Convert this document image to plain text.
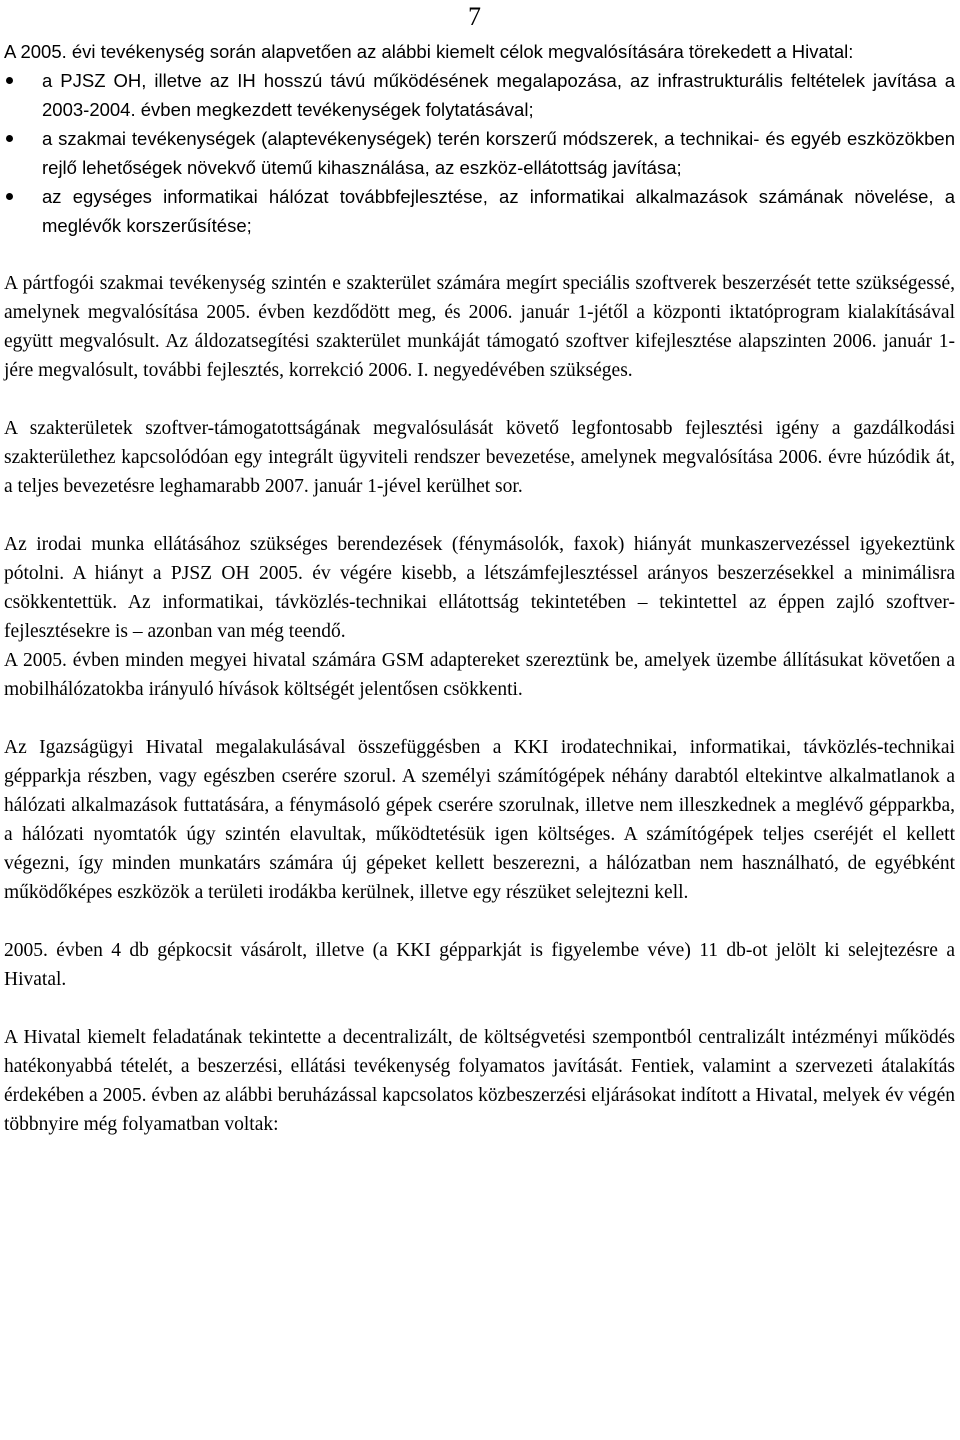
7

A 2005. évi tevékenység során alapvetően az alábbi kiemelt célok megvalósítására törekedett a Hivatal:

a PJSZ OH, illetve az IH hosszú távú működésének megalapozása, az infrastrukturális feltételek javítása a 2003-2004. évben megkezdett tevékenységek folytatásával;
a szakmai tevékenységek (alaptevékenységek) terén korszerű módszerek, a technikai- és egyéb eszközökben rejlő lehetőségek növekvő ütemű kihasználása, az eszköz-ellátottság javítása;
az egységes informatikai hálózat továbbfejlesztése, az informatikai alkalmazások számának növelése, a meglévők korszerűsítése;

A pártfogói szakmai tevékenység szintén e szakterület számára megírt speciális szoftverek beszerzését tette szükségessé, amelynek megvalósítása 2005. évben kezdődött meg, és 2006. január 1-jétől a központi iktatóprogram kialakításával együtt megvalósult. Az áldozatsegítési szakterület munkáját támogató szoftver kifejlesztése alapszinten 2006. január 1-jére megvalósult, további fejlesztés, korrekció 2006. I. negyedévében szükséges.

A szakterületek szoftver-támogatottságának megvalósulását követő legfontosabb fejlesztési igény a gazdálkodási szakterülethez kapcsolódóan egy integrált ügyviteli rendszer bevezetése, amelynek megvalósítása 2006. évre húzódik át, a teljes bevezetésre leghamarabb 2007. január 1-jével kerülhet sor.

Az irodai munka ellátásához szükséges berendezések (fénymásolók, faxok) hiányát munkaszervezéssel igyekeztünk pótolni. A hiányt a PJSZ OH 2005. év végére kisebb, a létszámfejlesztéssel arányos beszerzésekkel a minimálisra csökkentettük. Az informatikai, távközlés-technikai ellátottság tekintetében – tekintettel az éppen zajló szoftver-fejlesztésekre is – azonban van még teendő.

A 2005. évben minden megyei hivatal számára GSM adaptereket szereztünk be, amelyek üzembe állításukat követően a mobilhálózatokba irányuló hívások költségét jelentősen csökkenti.

Az Igazságügyi Hivatal megalakulásával összefüggésben a KKI irodatechnikai, informatikai, távközlés-technikai gépparkja részben, vagy egészben cserére szorul. A személyi számítógépek néhány darabtól eltekintve alkalmatlanok a hálózati alkalmazások futtatására, a fénymásoló gépek cserére szorulnak, illetve nem illeszkednek a meglévő gépparkba, a hálózati nyomtatók úgy szintén elavultak, működtetésük igen költséges. A számítógépek teljes cseréjét el kellett végezni, így minden munkatárs számára új gépeket kellett beszerezni, a hálózatban nem használható, de egyébként működőképes eszközök a területi irodákba kerülnek, illetve egy részüket selejtezni kell.

2005. évben 4 db gépkocsit vásárolt, illetve (a KKI gépparkját is figyelembe véve) 11 db-ot jelölt ki selejtezésre a Hivatal.

A Hivatal kiemelt feladatának tekintette a decentralizált, de költségvetési szempontból centralizált intézményi működés hatékonyabbá tételét, a beszerzési, ellátási tevékenység folyamatos javítását. Fentiek, valamint a szervezeti átalakítás érdekében a 2005. évben az alábbi beruházással kapcsolatos közbeszerzési eljárásokat indított a Hivatal, melyek év végén többnyire még folyamatban voltak:
